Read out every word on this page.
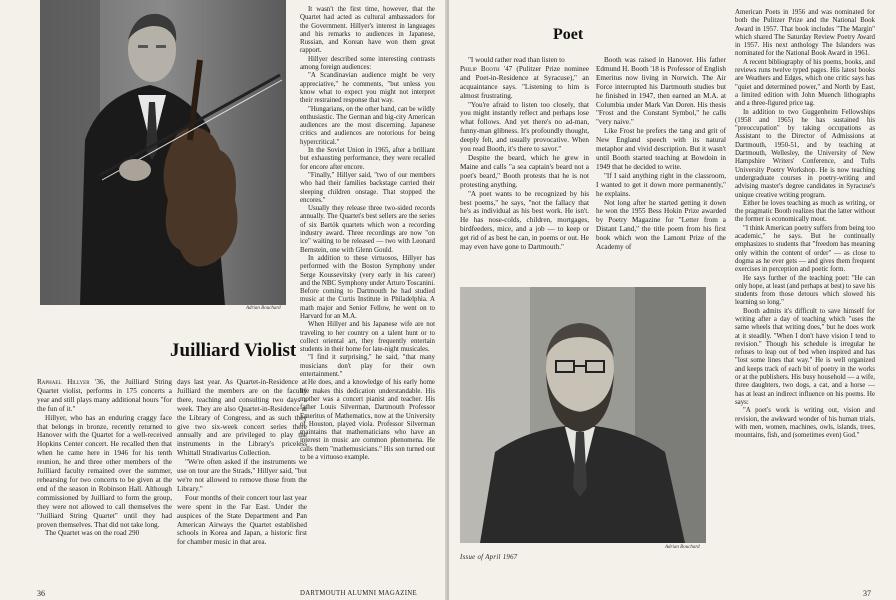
Adrian Bouchard
Juilliard Violist

Raphael Hillyer '36, the Juilliard String Quartet violist, performs in 175 concerts a year and still plays many additional hours "for the fun of it."

Hillyer, who has an enduring craggy face that belongs in bronze, recently returned to Hanover with the Quartet for a well-received Hopkins Center concert. He recalled then that when he came here in 1946 for his tenth reunion, he and three other members of the Juilliard faculty remained over the summer, rehearsing for two concerts to be given at the end of the season in Robinson Hall. Although commissioned by Juilliard to form the group, they were not allowed to call themselves the "Juilliard String Quartet" until they had proven themselves. That did not take long.

The Quartet was on the road 290

days last year. As Quartet-in-Residence at Juilliard the members are on the faculty there, teaching and consulting two days a week. They are also Quartet-in-Residence at the Library of Congress, and as such they give two six-week concert series there annually and are privileged to play the instruments in the Library's priceless Whittall Stradivarius Collection.

"We're often asked if the instruments we use on tour are the Strads," Hillyer said, "but we're not allowed to remove those from the Library."

Four months of their concert tour last year were spent in the Far East. Under the auspices of the State Department and Pan American Airways the Quartet established schools in Korea and Japan, a historic first for chamber music in that area.

It wasn't the first time, however, that the Quartet had acted as cultural ambassadors for the Government. Hillyer's interest in languages and his remarks to audiences in Japanese, Russian, and Korean have won them great rapport.

Hillyer described some interesting contrasts among foreign audiences:

"A Scandinavian audience might be very appreciative," he comments, "but unless you know what to expect you might not interpret their restrained response that way.

"Hungarians, on the other hand, can be wildly enthusiastic. The German and big-city American audiences are the most discerning. Japanese critics and audiences are notorious for being hypercritical."

In the Soviet Union in 1965, after a brilliant but exhausting performance, they were recalled for encore after encore.

"Finally," Hillyer said, "two of our members who had their families backstage carried their sleeping children onstage. That stopped the encores."

Usually they release three two-sided records annually. The Quartet's best sellers are the series of six Bartók quartets which won a recording industry award. Three recordings are now "on ice" waiting to be released — two with Leonard Bernstein, one with Glenn Gould.

In addition to these virtuosos, Hillyer has performed with the Boston Symphony under Serge Koussevitsky (very early in his career) and the NBC Symphony under Arturo Toscanini. Before coming to Dartmouth he had studied music at the Curtis Institute in Philadelphia. A math major and Senior Fellow, he went on to Harvard for an M.A.

When Hillyer and his Japanese wife are not traveling to her country on a talent hunt or to collect oriental art, they frequently entertain students in their home for late-night musicales.

"I find it surprising," he said, "that many musicians don't play for their own entertainment."

He does, and a knowledge of his early home life makes this dedication understandable. His mother was a concert pianist and teacher. His father Louis Silverman, Dartmouth Professor Emeritus of Mathematics, now at the University of Houston, played viola. Professor Silverman maintains that mathematicians who have an interest in music are common phenomena. He calls them "mathemusicians." His son turned out to be a virtuoso example.

36	DARTMOUTH ALUMNI MAGAZINE
Poet

"I would rather read than listen to

Philip Booth '47 (Pulitzer Prize nominee and Poet-in-Residence at Syracuse)," an acquaintance says. "Listening to him is almost frustrating.

"You're afraid to listen too closely, that you might instantly reflect and perhaps lose what follows. And yet there's no ad-man, funny-man glibness. It's profoundly thought, deeply felt, and usually provocative. When you read Booth, it's there to savor."

Despite the beard, which he grew in Maine and calls "a sea captain's beard not a poet's beard," Booth protests that he is not protesting anything.

"A poet wants to be recognized by his best poems," he says, "not the fallacy that he's as individual as his best work. He isn't. He has nose-colds, children, mortgages, birdfeeders, mice, and a job — to keep or get rid of as best he can, in poems or out. He may even have gone to Dartmouth."

Booth was raised in Hanover. His father Edmund H. Booth '18 is Professor of English Emeritus now living in Norwich. The Air Force interrupted his Dartmouth studies but he finished in 1947, then earned an M.A. at Columbia under Mark Van Doren. His thesis "Frost and the Constant Symbol," he calls "very naive."

Like Frost he prefers the tang and grit of New England speech with its natural metaphor and vivid description. But it wasn't until Booth started teaching at Bowdoin in 1949 that he decided to write.

"If I said anything right in the classroom, I wanted to get it down more permanently," he explains.

Not long after he started getting it down he won the 1955 Bess Hokin Prize awarded by Poetry Magazine for "Letter from a Distant Land," the title poem from his first book which won the Lamont Prize of the Academy of

Adrian Bouchard

American Poets in 1956 and was nominated for both the Pulitzer Prize and the National Book Award in 1957. That book includes "The Margin" which shared The Saturday Review Poetry Award in 1957. His next anthology The Islanders was nominated for the National Book Award in 1961.

A recent bibliography of his poems, books, and reviews runs twelve typed pages. His latest books are Weathers and Edges, which one critic says has "quiet and determined power," and North by East, a limited edition with John Muench lithographs and a three-figured price tag.

In addition to two Guggenheim Fellowships (1958 and 1965) he has sustained his "preoccupation" by taking occupations as Assistant to the Director of Admissions at Dartmouth, 1950-51, and by teaching at Dartmouth, Wellesley, the University of New Hampshire Writers' Conference, and Tufts University Poetry Workshop. He is now teaching undergraduate courses in poetry-writing and advising master's degree candidates in Syracuse's unique creative writing program.

Either he loves teaching as much as writing, or the pragmatic Booth realizes that the latter without the former is economically moot.

"I think American poetry suffers from being too academic," he says. But he continually emphasizes to students that "freedom has meaning only within the content of order" — as close to dogma as he ever gets — and gives them frequent exercises in perception and poetic form.

He says further of the teaching poet: "He can only hope, at least (and perhaps at best) to save his students from those detours which slowed his learning so long."

Booth admits it's difficult to save himself for writing after a day of teaching which "uses the same wheels that writing does," but he does work at it steadily. "When I don't have vision I tend to revision." Though his schedule is irregular he refuses to leap out of bed when inspired and has "lost some lines that way." He is well organized and keeps track of each bit of poetry in the works or at the publishers. His busy household — a wife, three daughters, two dogs, a cat, and a horse — has at least an indirect influence on his poems. He says:

"A poet's work is writing out, vision and revision, the awkward wonder of his human trials, with men, women, machines, owls, islands, trees, mountains, fish, and (sometimes even) God."

Issue of April 1967
37
